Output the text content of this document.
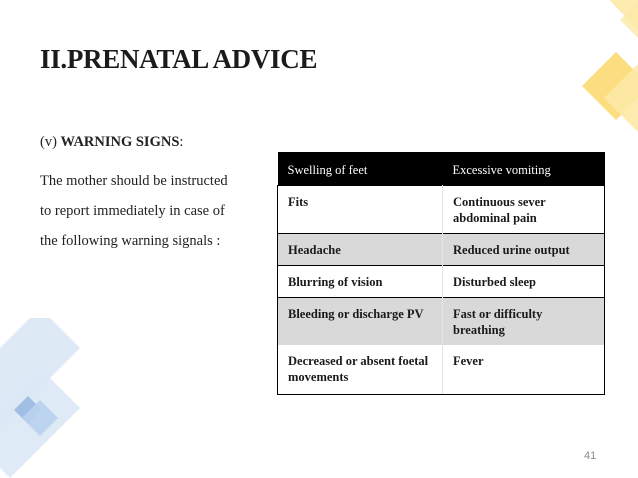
II.PRENATAL ADVICE
(v) WARNING SIGNS:
The mother should be instructed
to report immediately in case of
the following warning signals :
Swelling of feet	Excessive vomiting
Fits	Continuous sever abdominal pain
Headache	Reduced urine output
Blurring of vision	Disturbed sleep
Bleeding or discharge PV	Fast or difficulty breathing
Decreased or absent foetal movements	Fever
41
